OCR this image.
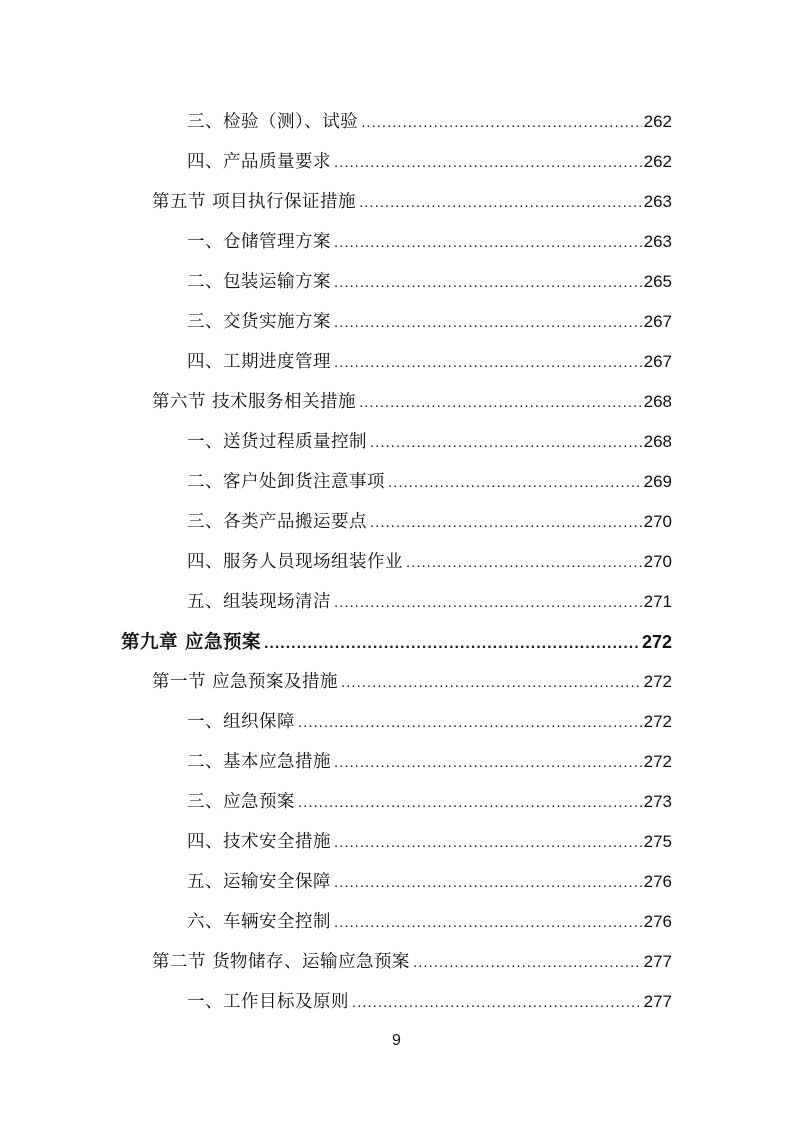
三、检验（测）、试验 .....	262
四、产品质量要求 .....	262
第五节 项目执行保证措施 .....	263
一、仓储管理方案 .....	263
二、包装运输方案 .....	265
三、交货实施方案 .....	267
四、工期进度管理 .....	267
第六节 技术服务相关措施 .....	268
一、送货过程质量控制 .....	268
二、客户处卸货注意事项 .....	269
三、各类产品搬运要点 .....	270
四、服务人员现场组装作业 .....	270
五、组装现场清洁 .....	271
第九章 应急预案 .....	272
第一节 应急预案及措施 .....	272
一、组织保障 .....	272
二、基本应急措施 .....	272
三、应急预案 .....	273
四、技术安全措施 .....	275
五、运输安全保障 .....	276
六、车辆安全控制 .....	276
第二节 货物储存、运输应急预案 .....	277
一、工作目标及原则 .....	277
9
